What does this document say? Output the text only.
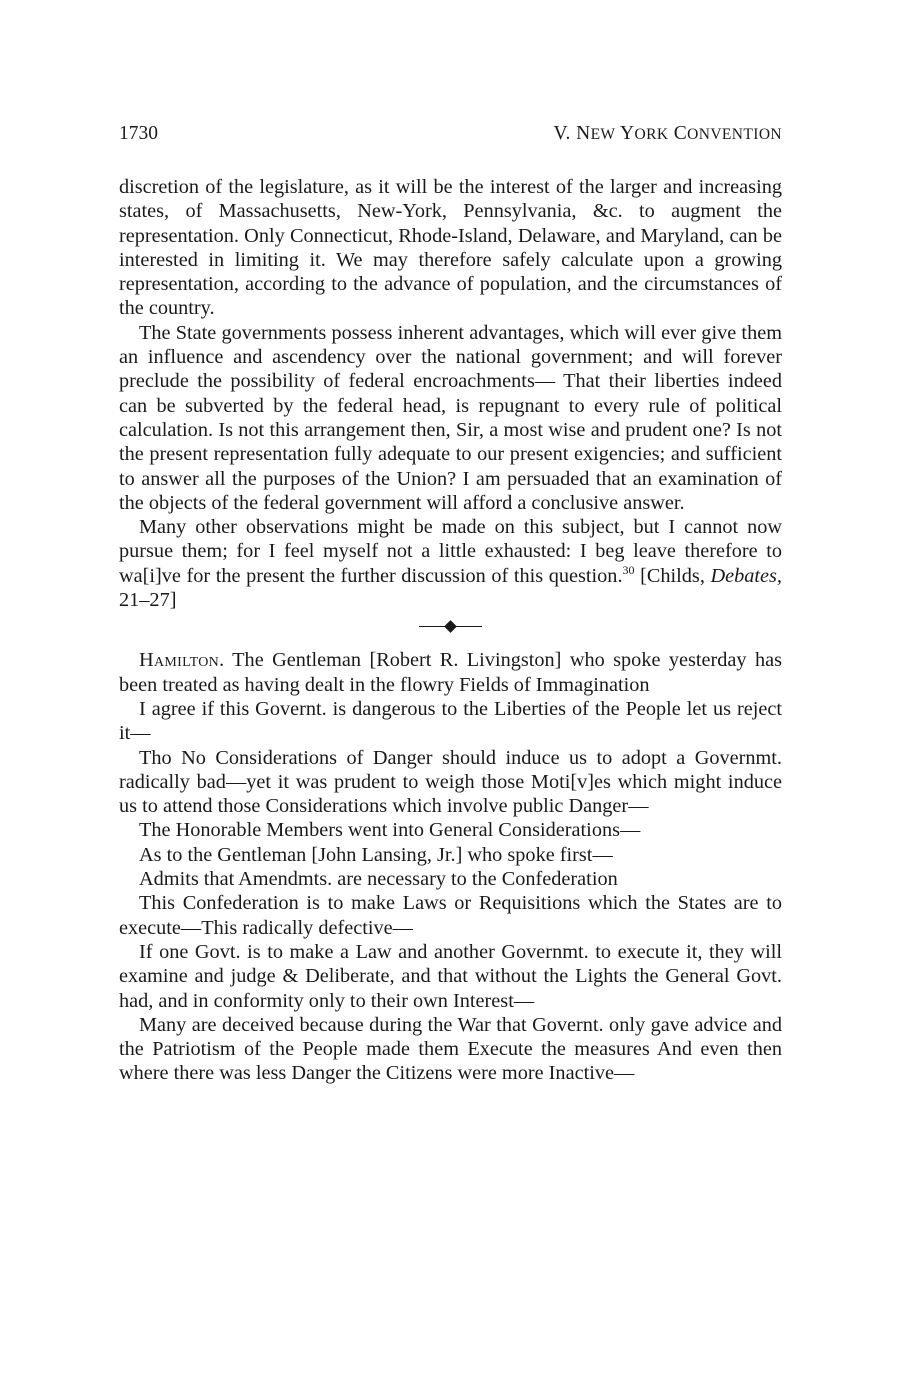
1730	V. NEW YORK CONVENTION

discretion of the legislature, as it will be the interest of the larger and increasing states, of Massachusetts, New-York, Pennsylvania, &c. to augment the representation. Only Connecticut, Rhode-Island, Delaware, and Maryland, can be interested in limiting it. We may therefore safely calculate upon a growing representation, according to the advance of population, and the circumstances of the country.

The State governments possess inherent advantages, which will ever give them an influence and ascendency over the national government; and will forever preclude the possibility of federal encroachments— That their liberties indeed can be subverted by the federal head, is repugnant to every rule of political calculation. Is not this arrangement then, Sir, a most wise and prudent one? Is not the present representation fully adequate to our present exigencies; and sufficient to answer all the purposes of the Union? I am persuaded that an examination of the objects of the federal government will afford a conclusive answer.

Many other observations might be made on this subject, but I cannot now pursue them; for I feel myself not a little exhausted: I beg leave therefore to wa[i]ve for the present the further discussion of this question.$^{30}$ [Childs, Debates, 21–27]

Hamilton. The Gentleman [Robert R. Livingston] who spoke yesterday has been treated as having dealt in the flowry Fields of Immagination

I agree if this Governt. is dangerous to the Liberties of the People let us reject it—

Tho No Considerations of Danger should induce us to adopt a Governmt. radically bad—yet it was prudent to weigh those Moti[v]es which might induce us to attend those Considerations which involve public Danger—

The Honorable Members went into General Considerations—

As to the Gentleman [John Lansing, Jr.] who spoke first—

Admits that Amendmts. are necessary to the Confederation

This Confederation is to make Laws or Requisitions which the States are to execute—This radically defective—

If one Govt. is to make a Law and another Governmt. to execute it, they will examine and judge & Deliberate, and that without the Lights the General Govt. had, and in conformity only to their own Interest—

Many are deceived because during the War that Governt. only gave advice and the Patriotism of the People made them Execute the measures And even then where there was less Danger the Citizens were more Inactive—
